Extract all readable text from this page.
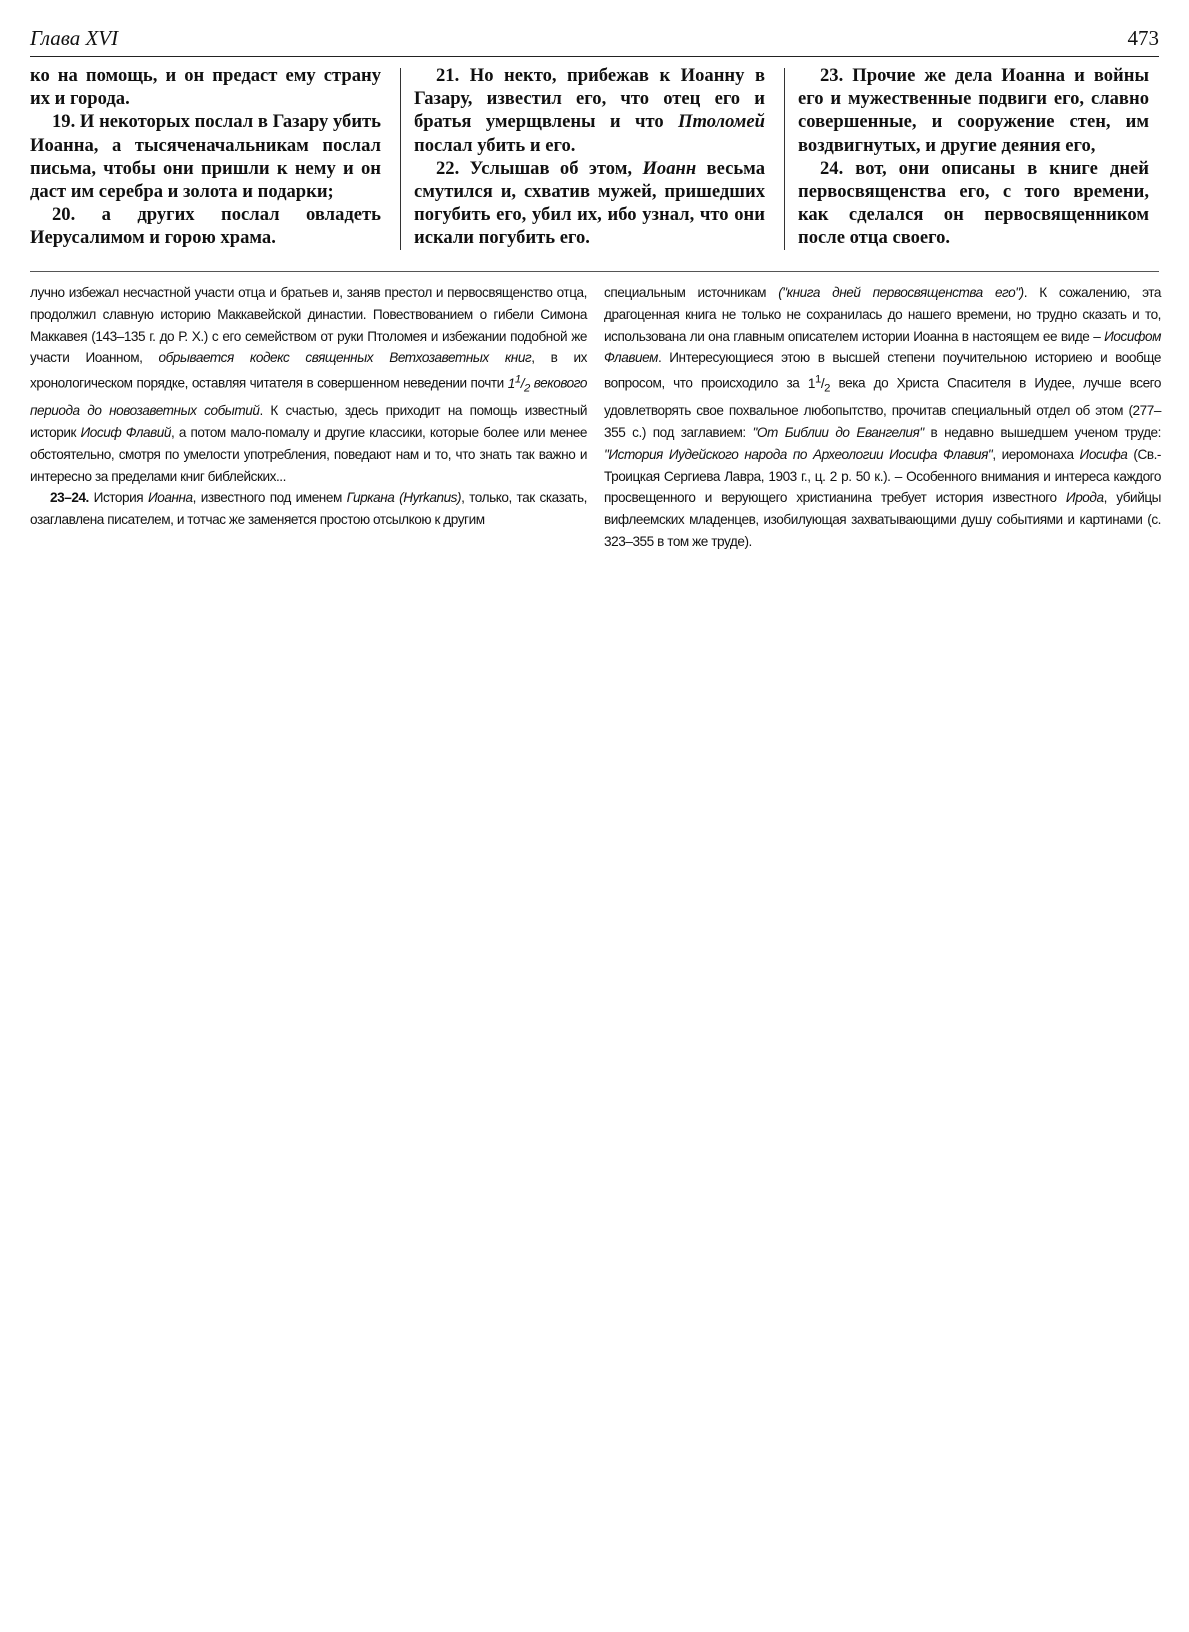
Глава XVI	473

ко на помощь, и он предаст ему страну их и города.

19. И некоторых послал в Газару убить Иоанна, а тысяченачальникам послал письма, чтобы они пришли к нему и он даст им серебра и золота и подарки;

20. а других послал овладеть Иерусалимом и горою храма.

21. Но некто, прибежав к Иоанну в Газару, известил его, что отец его и братья умерщвлены и что Птоломей послал убить и его.

22. Услышав об этом, Иоанн весьма смутился и, схватив мужей, пришедших погубить его, убил их, ибо узнал, что они искали погубить его.

23. Прочие же дела Иоанна и войны его и мужественные подвиги его, славно совершенные, и сооружение стен, им воздвигнутых, и другие деяния его,

24. вот, они описаны в книге дней первосвященства его, с того времени, как сделался он первосвященником после отца своего.

лучно избежал несчастной участи отца и братьев и, заняв престол и первосвященство отца, продолжил славную историю Маккавейской династии. Повествованием о гибели Симона Маккавея (143–135 г. до Р. Х.) с его семейством от руки Птоломея и избежании подобной же участи Иоанном, обрывается кодекс священных Ветхозаветных книг, в их хронологическом порядке, оставляя читателя в совершенном неведении почти $1^1/_2$ векового периода до новозаветных событий. К счастью, здесь приходит на помощь известный историк Иосиф Флавий, а потом мало-помалу и другие классики, которые более или менее обстоятельно, смотря по умелости употребления, поведают нам и то, что знать так важно и интересно за пределами книг библейских...

23–24. История Иоанна, известного под именем Гиркана (Hyrkanus), только, так сказать, озаглавлена писателем, и тотчас же заменяется простою отсылкою к другим

специальным источникам ("книга дней первосвященства его"). К сожалению, эта драгоценная книга не только не сохранилась до нашего времени, но трудно сказать и то, использована ли она главным описателем истории Иоанна в настоящем ее виде – Иосифом Флавием. Интересующиеся этою в высшей степени поучительною историею и вообще вопросом, что происходило за $1^1/_2$ века до Христа Спасителя в Иудее, лучше всего удовлетворять свое похвальное любопытство, прочитав специальный отдел об этом (277–355 с.) под заглавием: "От Библии до Евангелия" в недавно вышедшем ученом труде: "История Иудейского народа по Археологии Иосифа Флавия", иеромонаха Иосифа (Св.-Троицкая Сергиева Лавра, 1903 г., ц. 2 р. 50 к.). – Особенного внимания и интереса каждого просвещенного и верующего христианина требует история известного Ирода, убийцы вифлеемских младенцев, изобилующая захватывающими душу событиями и картинами (с. 323–355 в том же труде).
